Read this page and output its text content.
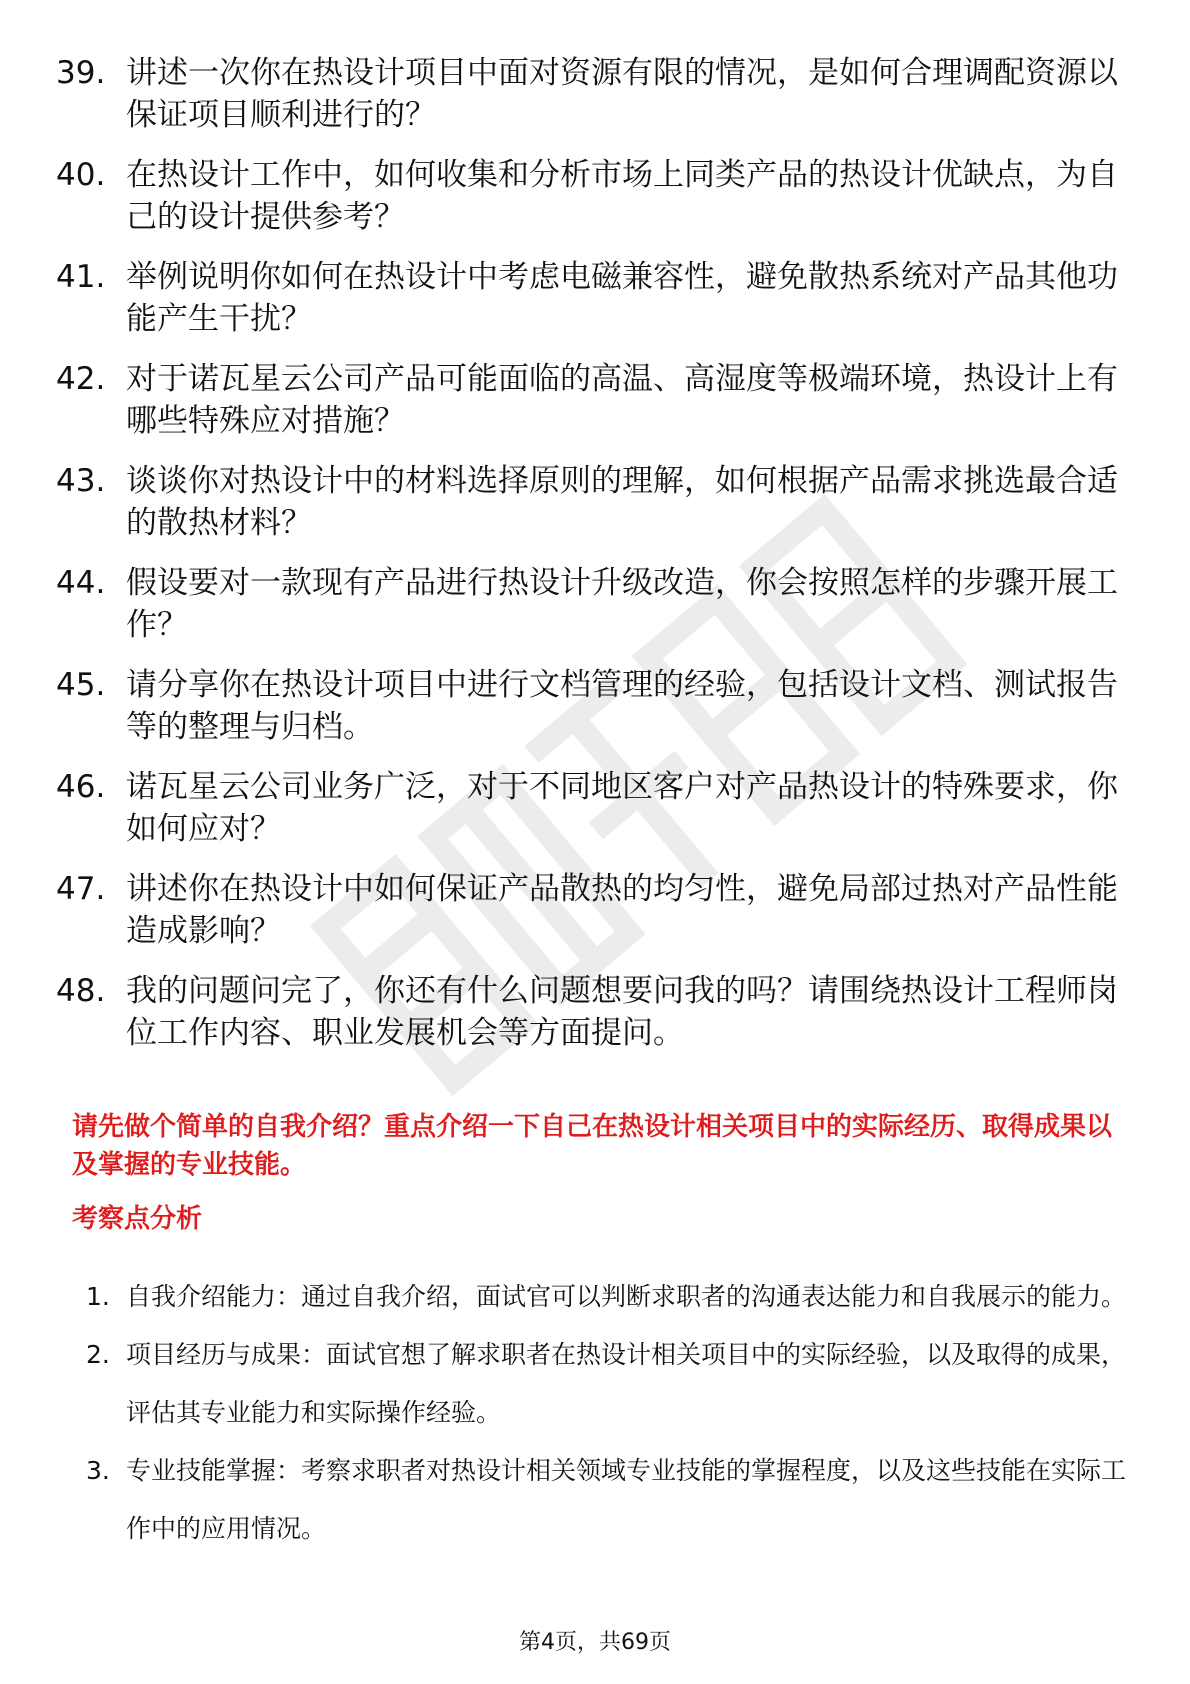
39. 讲述一次你在热设计项目中面对资源有限的情况，是如何合理调配资源以保证项目顺利进行的？
40. 在热设计工作中，如何收集和分析市场上同类产品的热设计优缺点，为自己的设计提供参考？
41. 举例说明你如何在热设计中考虑电磁兼容性，避免散热系统对产品其他功能产生干扰？
42. 对于诺瓦星云公司产品可能面临的高温、高湿度等极端环境，热设计上有哪些特殊应对措施？
43. 谈谈你对热设计中的材料选择原则的理解，如何根据产品需求挑选最合适的散热材料？
44. 假设要对一款现有产品进行热设计升级改造，你会按照怎样的步骤开展工作？
45. 请分享你在热设计项目中进行文档管理的经验，包括设计文档、测试报告等的整理与归档。
46. 诺瓦星云公司业务广泛，对于不同地区客户对产品热设计的特殊要求，你如何应对？
47. 讲述你在热设计中如何保证产品散热的均匀性，避免局部过热对产品性能造成影响？
48. 我的问题问完了，你还有什么问题想要问我的吗？请围绕热设计工程师岗位工作内容、职业发展机会等方面提问。

请先做个简单的自我介绍？重点介绍一下自己在热设计相关项目中的实际经历、取得成果以及掌握的专业技能。

考察点分析
1. 自我介绍能力：通过自我介绍，面试官可以判断求职者的沟通表达能力和自我展示的能力。
2. 项目经历与成果：面试官想了解求职者在热设计相关项目中的实际经验，以及取得的成果，评估其专业能力和实际操作经验。
3. 专业技能掌握：考察求职者对热设计相关领域专业技能的掌握程度，以及这些技能在实际工作中的应用情况。
第4页，共69页
